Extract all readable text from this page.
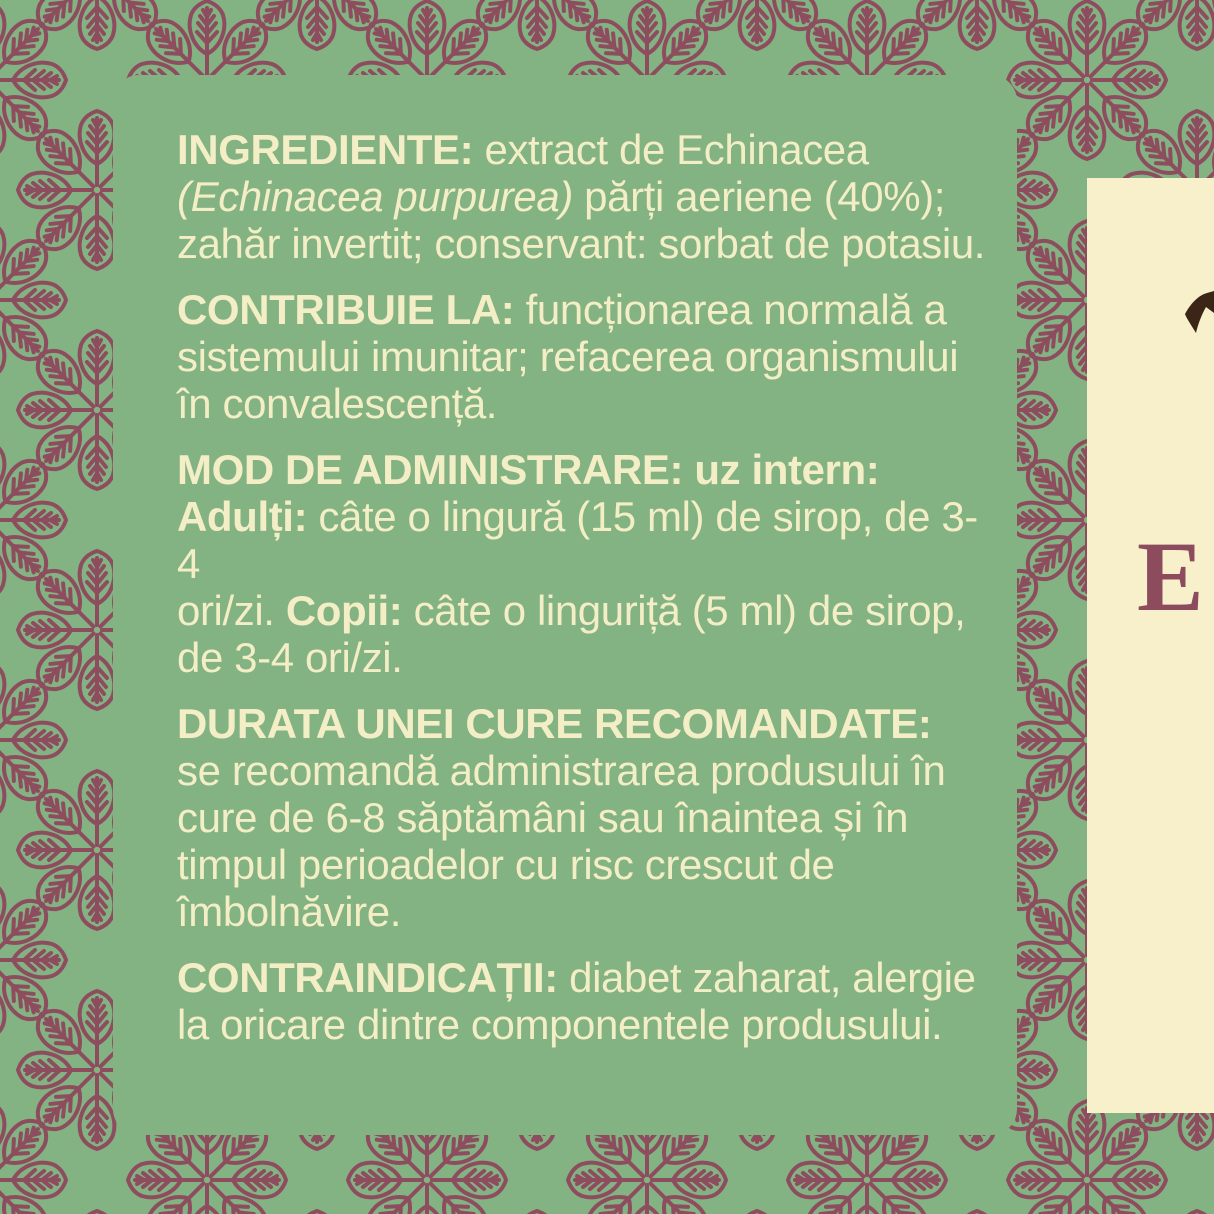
INGREDIENTE: extract de Echinacea
(Echinacea purpurea) părți aeriene (40%);
zahăr invertit; conservant: sorbat de potasiu.

CONTRIBUIE LA: funcționarea normală a
sistemului imunitar; refacerea organismului
în convalescență.

MOD DE ADMINISTRARE: uz intern:
Adulți: câte o lingură (15 ml) de sirop, de 3-4
ori/zi. Copii: câte o linguriță (5 ml) de sirop,
de 3-4 ori/zi.

DURATA UNEI CURE RECOMANDATE:
se recomandă administrarea produsului în
cure de 6-8 săptămâni sau înaintea și în
timpul perioadelor cu risc crescut de
îmbolnăvire.

CONTRAINDICAȚII: diabet zaharat, alergie
la oricare dintre componentele produsului.

E
